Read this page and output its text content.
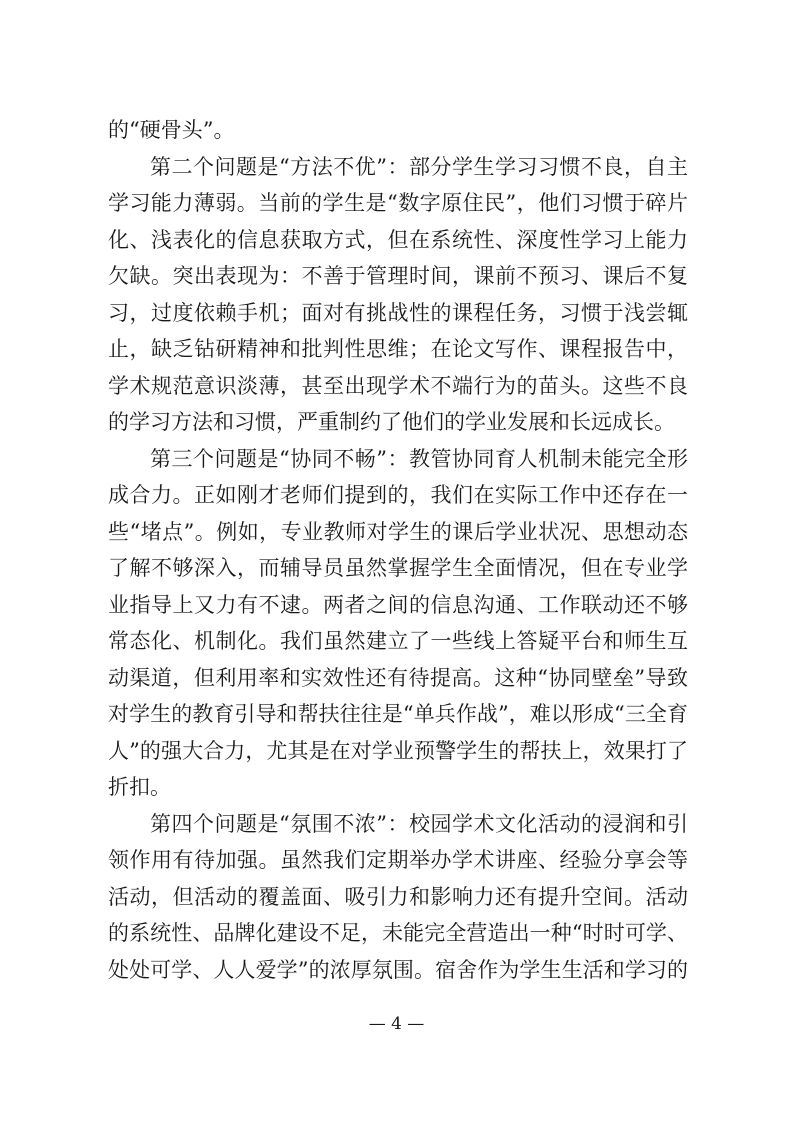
的“硬骨头”。
第二个问题是“方法不优”：部分学生学习习惯不良，自主
学习能力薄弱。当前的学生是“数字原住民”，他们习惯于碎片
化、浅表化的信息获取方式，但在系统性、深度性学习上能力
欠缺。突出表现为：不善于管理时间，课前不预习、课后不复
习，过度依赖手机；面对有挑战性的课程任务，习惯于浅尝辄
止，缺乏钻研精神和批判性思维；在论文写作、课程报告中，
学术规范意识淡薄，甚至出现学术不端行为的苗头。这些不良
的学习方法和习惯，严重制约了他们的学业发展和长远成长。
第三个问题是“协同不畅”：教管协同育人机制未能完全形
成合力。正如刚才老师们提到的，我们在实际工作中还存在一
些“堵点”。例如，专业教师对学生的课后学业状况、思想动态
了解不够深入，而辅导员虽然掌握学生全面情况，但在专业学
业指导上又力有不逮。两者之间的信息沟通、工作联动还不够
常态化、机制化。我们虽然建立了一些线上答疑平台和师生互
动渠道，但利用率和实效性还有待提高。这种“协同壁垒”导致
对学生的教育引导和帮扶往往是“单兵作战”，难以形成“三全育
人”的强大合力，尤其是在对学业预警学生的帮扶上，效果打了
折扣。
第四个问题是“氛围不浓”：校园学术文化活动的浸润和引
领作用有待加强。虽然我们定期举办学术讲座、经验分享会等
活动，但活动的覆盖面、吸引力和影响力还有提升空间。活动
的系统性、品牌化建设不足，未能完全营造出一种“时时可学、
处处可学、人人爱学”的浓厚氛围。宿舍作为学生生活和学习的
— 4 —
